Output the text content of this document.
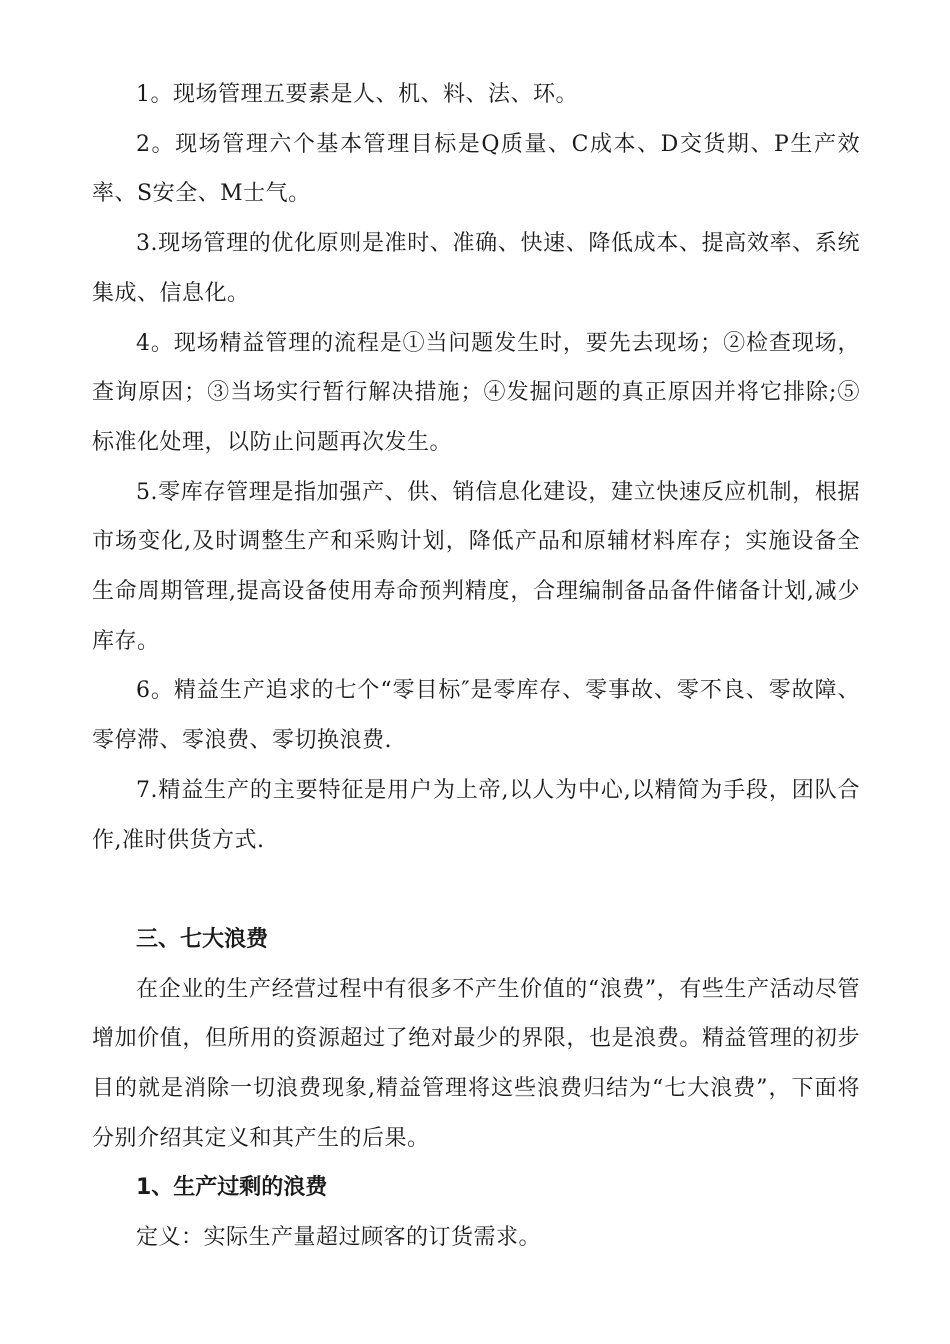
1。现场管理五要素是人、机、料、法、环。

2。现场管理六个基本管理目标是Q质量、C成本、D交货期、P生产效率、S安全、M士气。

3.现场管理的优化原则是准时、准确、快速、降低成本、提高效率、系统集成、信息化。

4。现场精益管理的流程是①当问题发生时，要先去现场；②检查现场，查询原因；③当场实行暂行解决措施；④发掘问题的真正原因并将它排除;⑤标准化处理，以防止问题再次发生。

5.零库存管理是指加强产、供、销信息化建设，建立快速反应机制，根据市场变化,及时调整生产和采购计划，降低产品和原辅材料库存；实施设备全生命周期管理,提高设备使用寿命预判精度，合理编制备品备件储备计划,减少库存。

6。精益生产追求的七个“零目标″是零库存、零事故、零不良、零故障、零停滞、零浪费、零切换浪费.

7.精益生产的主要特征是用户为上帝,以人为中心,以精简为手段，团队合作,准时供货方式.

三、七大浪费

在企业的生产经营过程中有很多不产生价值的“浪费”，有些生产活动尽管增加价值，但所用的资源超过了绝对最少的界限，也是浪费。精益管理的初步目的就是消除一切浪费现象,精益管理将这些浪费归结为“七大浪费”，下面将分别介绍其定义和其产生的后果。

1、生产过剩的浪费

定义：实际生产量超过顾客的订货需求。
